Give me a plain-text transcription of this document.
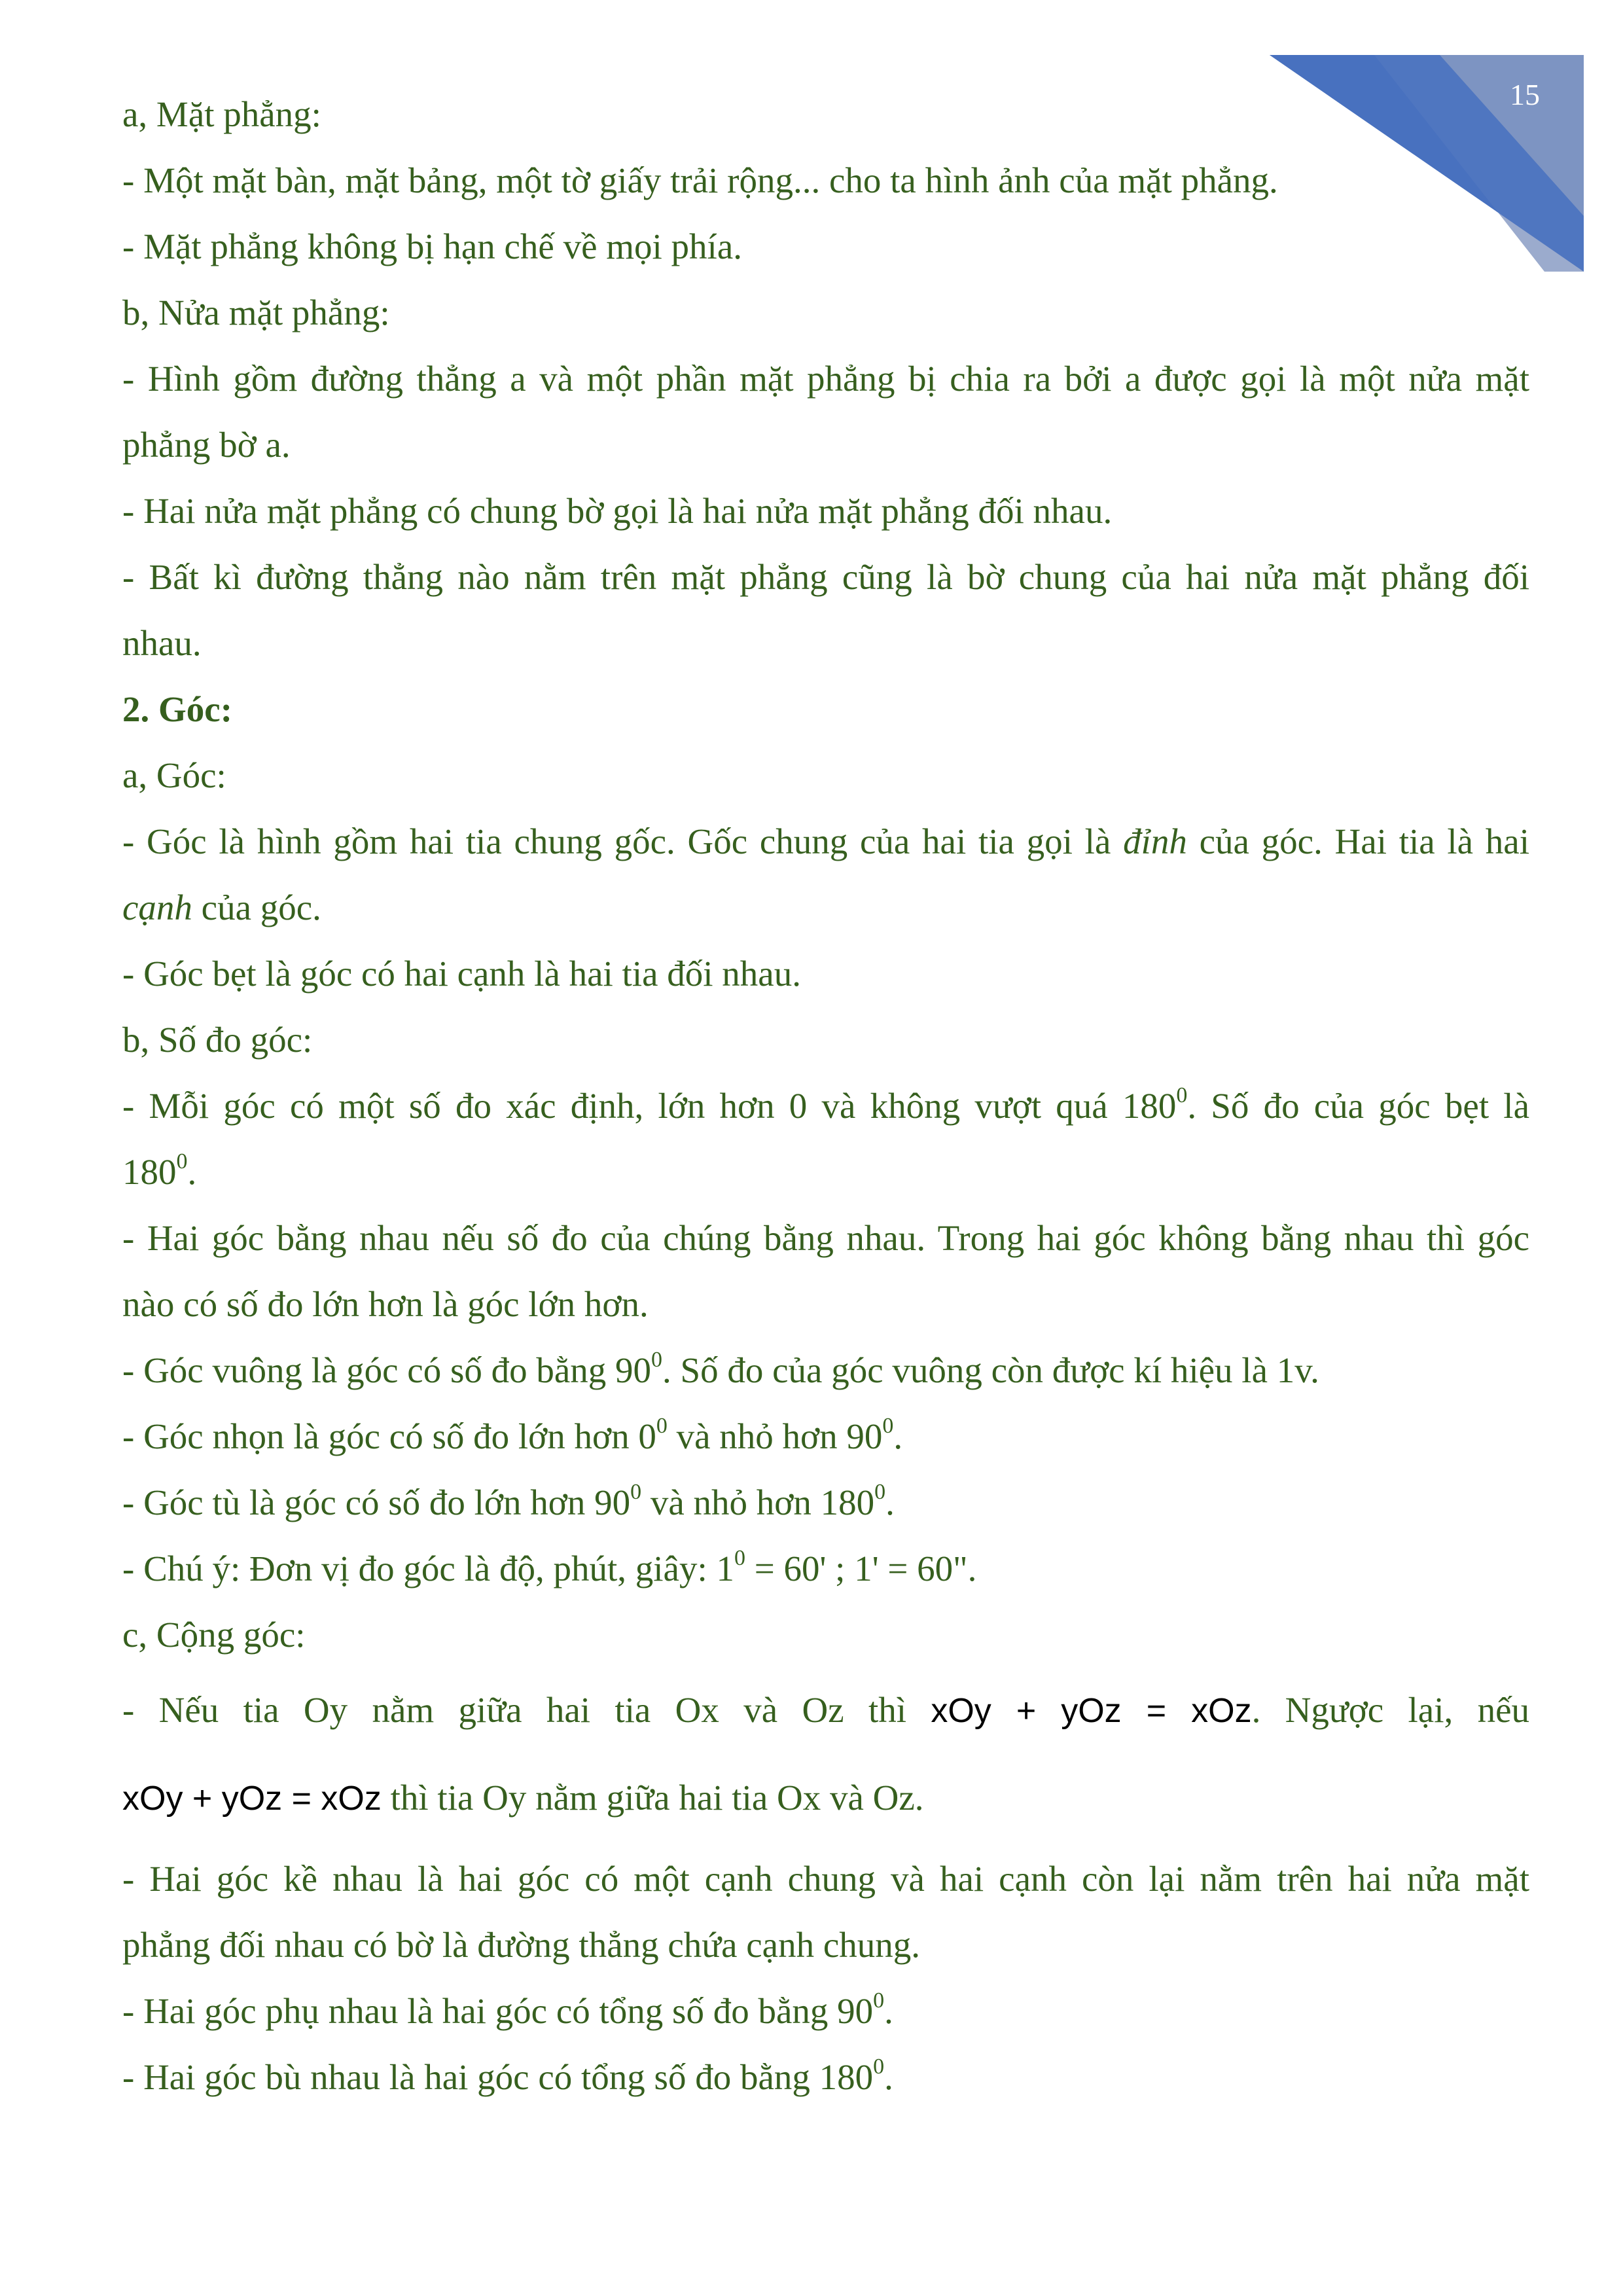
15
a, Mặt phẳng:
- Một mặt bàn, mặt bảng, một tờ giấy trải rộng... cho ta hình ảnh của mặt phẳng.
- Mặt phẳng không bị hạn chế về mọi phía.
b, Nửa mặt phẳng:
- Hình gồm đường thẳng a và một phần mặt phẳng bị chia ra bởi a được gọi là một nửa mặt
phẳng bờ a.
- Hai nửa mặt phẳng có chung bờ gọi là hai nửa mặt phẳng đối nhau.
- Bất kì đường thẳng nào nằm trên mặt phẳng cũng là bờ chung của hai nửa mặt phẳng đối
nhau.
2. Góc:
a, Góc:
- Góc là hình gồm hai tia chung gốc. Gốc chung của hai tia gọi là đỉnh của góc. Hai tia là hai
cạnh của góc.
- Góc bẹt là góc có hai cạnh là hai tia đối nhau.
b, Số đo góc:
- Mỗi góc có một số đo xác định, lớn hơn 0 và không vượt quá $180^0$. Số đo của góc bẹt là
$180^0$.
- Hai góc bằng nhau nếu số đo của chúng bằng nhau. Trong hai góc không bằng nhau thì góc
nào có số đo lớn hơn là góc lớn hơn.
- Góc vuông là góc có số đo bằng $90^0$. Số đo của góc vuông còn được kí hiệu là 1v.
- Góc nhọn là góc có số đo lớn hơn $0^0$ và nhỏ hơn $90^0$.
- Góc tù là góc có số đo lớn hơn $90^0$ và nhỏ hơn $180^0$.
- Chú ý: Đơn vị đo góc là độ, phút, giây: $1^0 = 60'$ ; 1' = 60".
c, Cộng góc:
- Nếu tia Oy nằm giữa hai tia Ox và Oz thì xOy + yOz = xOz. Ngược lại, nếu
xOy + yOz = xOz thì tia Oy nằm giữa hai tia Ox và Oz.
- Hai góc kề nhau là hai góc có một cạnh chung và hai cạnh còn lại nằm trên hai nửa mặt
phẳng đối nhau có bờ là đường thẳng chứa cạnh chung.
- Hai góc phụ nhau là hai góc có tổng số đo bằng $90^0$.
- Hai góc bù nhau là hai góc có tổng số đo bằng $180^0$.
